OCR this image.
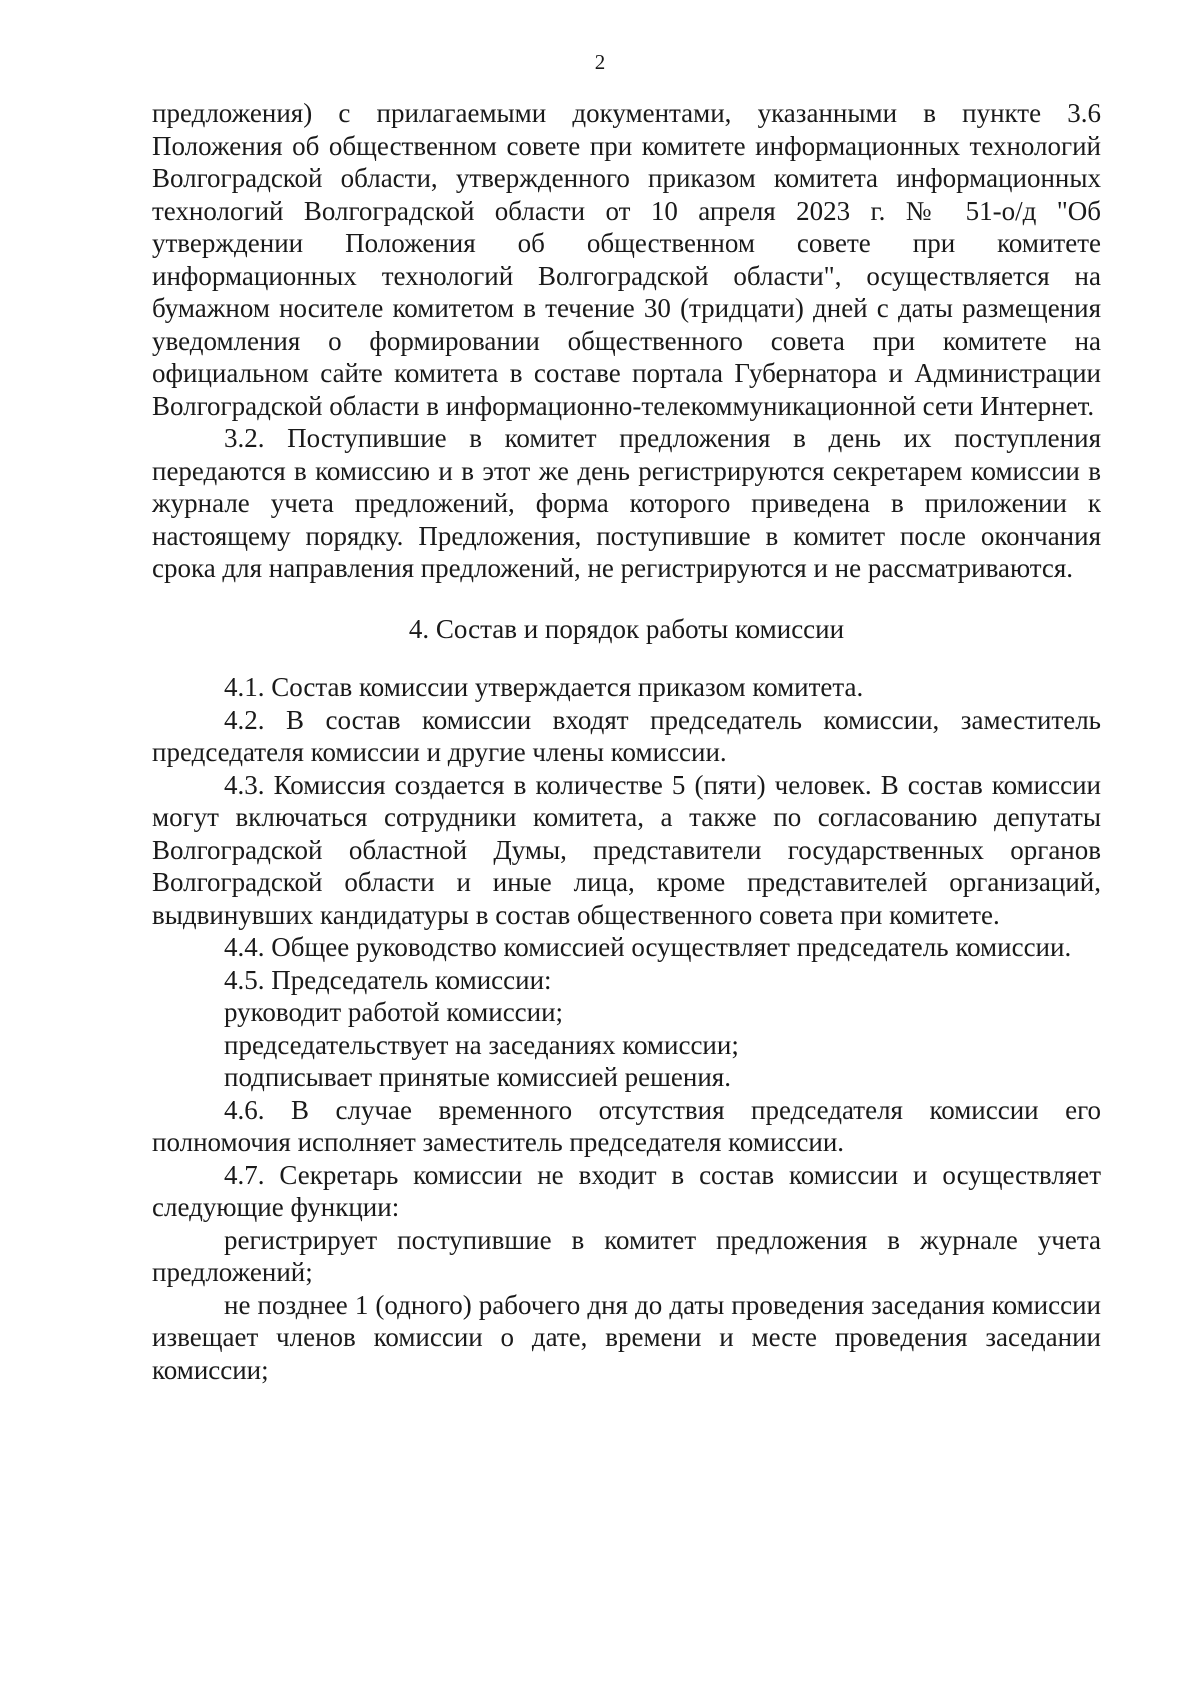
2

предложения) с прилагаемыми документами, указанными в пункте 3.6 Положения об общественном совете при комитете информационных технологий Волгоградской области, утвержденного приказом комитета информационных технологий Волгоградской области от 10 апреля 2023 г. № 51-о/д "Об утверждении Положения об общественном совете при комитете информационных технологий Волгоградской области", осуществляется на бумажном носителе комитетом в течение 30 (тридцати) дней с даты размещения уведомления о формировании общественного совета при комитете на официальном сайте комитета в составе портала Губернатора и Администрации Волгоградской области в информационно-телекоммуникационной сети Интернет.

3.2. Поступившие в комитет предложения в день их поступления передаются в комиссию и в этот же день регистрируются секретарем комиссии в журнале учета предложений, форма которого приведена в приложении к настоящему порядку. Предложения, поступившие в комитет после окончания срока для направления предложений, не регистрируются и не рассматриваются.

4. Состав и порядок работы комиссии

4.1. Состав комиссии утверждается приказом комитета.

4.2. В состав комиссии входят председатель комиссии, заместитель председателя комиссии и другие члены комиссии.

4.3. Комиссия создается в количестве 5 (пяти) человек. В состав комиссии могут включаться сотрудники комитета, а также по согласованию депутаты Волгоградской областной Думы, представители государственных органов Волгоградской области и иные лица, кроме представителей организаций, выдвинувших кандидатуры в состав общественного совета при комитете.

4.4. Общее руководство комиссией осуществляет председатель комиссии.

4.5. Председатель комиссии:

руководит работой комиссии;

председательствует на заседаниях комиссии;

подписывает принятые комиссией решения.

4.6. В случае временного отсутствия председателя комиссии его полномочия исполняет заместитель председателя комиссии.

4.7. Секретарь комиссии не входит в состав комиссии и осуществляет следующие функции:

регистрирует поступившие в комитет предложения в журнале учета предложений;

не позднее 1 (одного) рабочего дня до даты проведения заседания комиссии извещает членов комиссии о дате, времени и месте проведения заседании комиссии;
